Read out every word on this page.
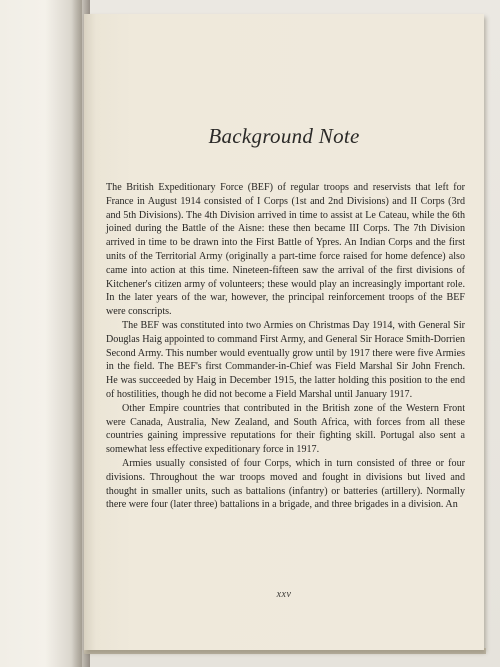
Background Note

The British Expeditionary Force (BEF) of regular troops and reservists that left for France in August 1914 consisted of I Corps (1st and 2nd Divisions) and II Corps (3rd and 5th Divisions). The 4th Division arrived in time to assist at Le Cateau, while the 6th joined during the Battle of the Aisne: these then became III Corps. The 7th Division arrived in time to be drawn into the First Battle of Ypres. An Indian Corps and the first units of the Territorial Army (originally a part-time force raised for home defence) also came into action at this time. Nineteen-fifteen saw the arrival of the first divisions of Kitchener's citizen army of volunteers; these would play an increasingly important role. In the later years of the war, however, the principal reinforcement troops of the BEF were conscripts.

The BEF was constituted into two Armies on Christmas Day 1914, with General Sir Douglas Haig appointed to command First Army, and General Sir Horace Smith-Dorrien Second Army. This number would eventually grow until by 1917 there were five Armies in the field. The BEF's first Commander-in-Chief was Field Marshal Sir John French. He was succeeded by Haig in December 1915, the latter holding this position to the end of hostilities, though he did not become a Field Marshal until January 1917.

Other Empire countries that contributed in the British zone of the Western Front were Canada, Australia, New Zealand, and South Africa, with forces from all these countries gaining impressive reputations for their fighting skill. Portugal also sent a somewhat less effective expeditionary force in 1917.

Armies usually consisted of four Corps, which in turn consisted of three or four divisions. Throughout the war troops moved and fought in divisions but lived and thought in smaller units, such as battalions (infantry) or batteries (artillery). Normally there were four (later three) battalions in a brigade, and three brigades in a division. An

xxv
